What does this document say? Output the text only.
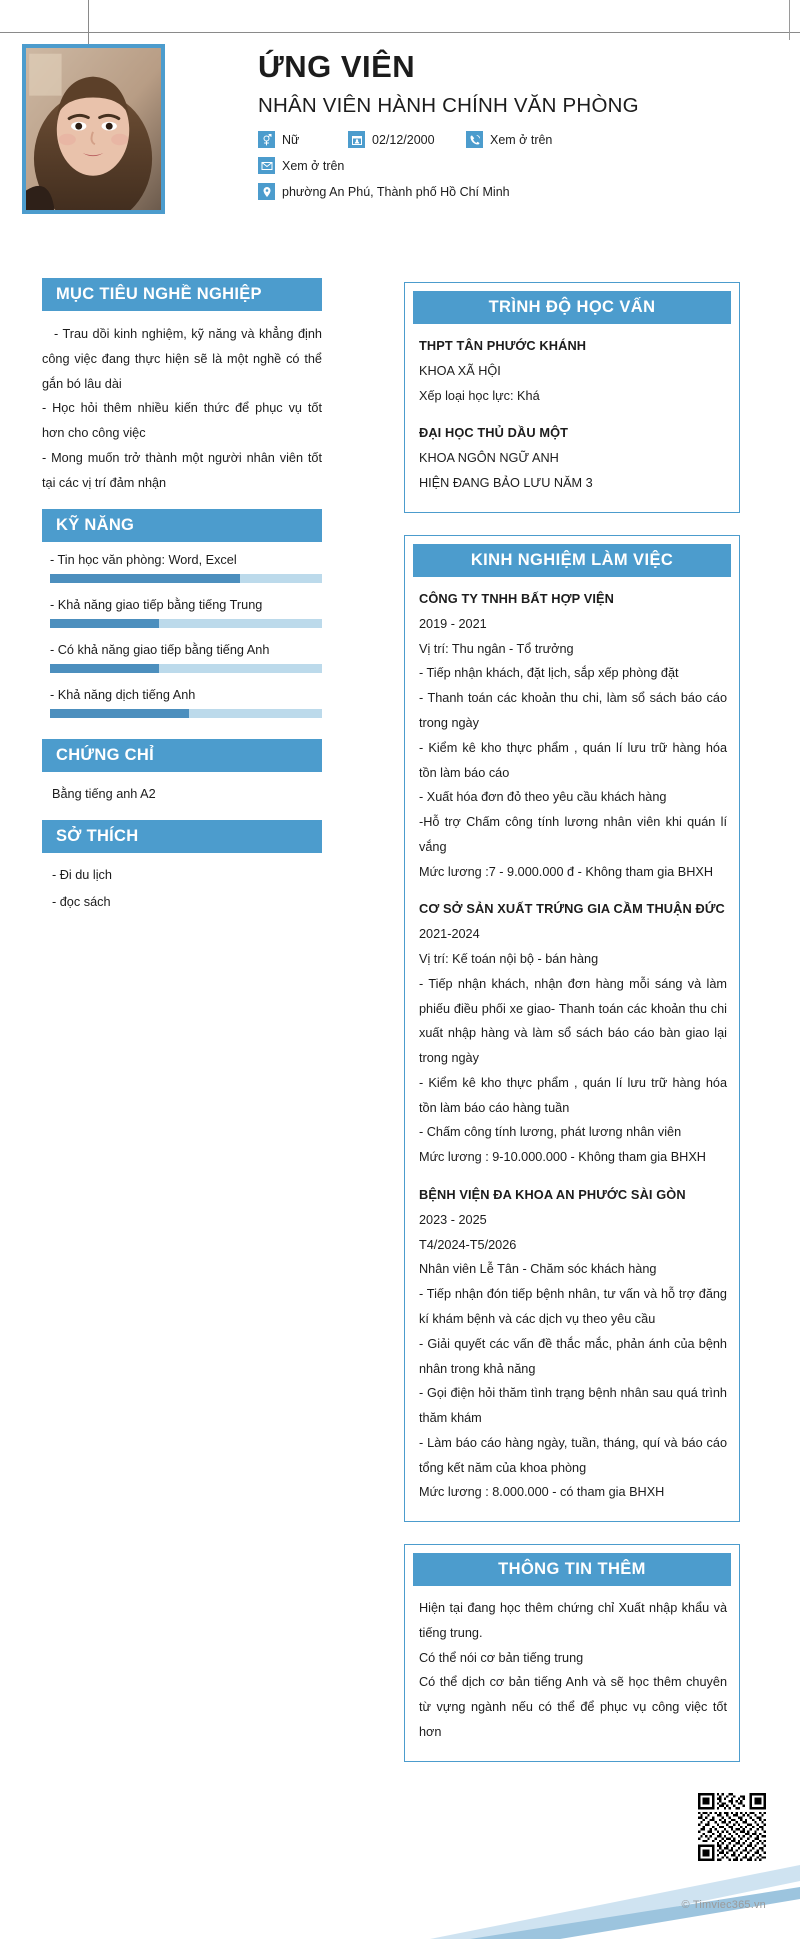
ỨNG VIÊN
NHÂN VIÊN HÀNH CHÍNH VĂN PHÒNG
Nữ	02/12/2000	Xem ở trên
Xem ở trên
phường An Phú, Thành phố Hồ Chí Minh
MỤC TIÊU NGHỀ NGHIỆP

- Trau dồi kinh nghiệm, kỹ năng và khẳng định công việc đang thực hiện sẽ là một nghề có thể gắn bó lâu dài

- Học hỏi thêm nhiều kiến thức để phục vụ tốt hơn cho công việc

- Mong muốn trở thành một người nhân viên tốt tại các vị trí đảm nhận

KỸ NĂNG
- Tin học văn phòng: Word, Excel
- Khả năng giao tiếp bằng tiếng Trung
- Có khả năng giao tiếp bằng tiếng Anh
- Khả năng dịch tiếng Anh
CHỨNG CHỈ
Bằng tiếng anh A2
SỞ THÍCH
- Đi du lịch
- đọc sách
TRÌNH ĐỘ HỌC VẤN
THPT TÂN PHƯỚC KHÁNH
KHOA XÃ HỘI
Xếp loại học lực: Khá
ĐẠI HỌC THỦ DẦU MỘT
KHOA NGÔN NGỮ ANH
HIỆN ĐANG BẢO LƯU NĂM 3
KINH NGHIỆM LÀM VIỆC
CÔNG TY TNHH BẤT HỢP VIỆN
2019 - 2021
Vị trí: Thu ngân - Tổ trưởng
- Tiếp nhận khách, đặt lịch, sắp xếp phòng đặt
- Thanh toán các khoản thu chi, làm sổ sách báo cáo trong ngày
- Kiểm kê kho thực phẩm , quán lí lưu trữ hàng hóa tồn làm báo cáo
- Xuất hóa đơn đỏ theo yêu cầu khách hàng
-Hỗ trợ Chấm công tính lương nhân viên khi quán lí vắng
Mức lương :7 - 9.000.000 đ - Không tham gia BHXH
CƠ SỞ SẢN XUẤT TRỨNG GIA CẦM THUẬN ĐỨC
2021-2024
Vị trí: Kế toán nội bộ - bán hàng
- Tiếp nhận khách, nhận đơn hàng mỗi sáng và làm phiếu điều phối xe giao- Thanh toán các khoản thu chi xuất nhập hàng và làm sổ sách báo cáo bàn giao lại trong ngày
- Kiểm kê kho thực phẩm , quán lí lưu trữ hàng hóa tồn làm báo cáo hàng tuần
- Chấm công tính lương, phát lương nhân viên
Mức lương : 9-10.000.000 - Không tham gia BHXH
BỆNH VIỆN ĐA KHOA AN PHƯỚC SÀI GÒN
2023 - 2025
T4/2024-T5/2026
Nhân viên Lễ Tân - Chăm sóc khách hàng
- Tiếp nhận đón tiếp bệnh nhân, tư vấn và hỗ trợ đăng kí khám bệnh và các dịch vụ theo yêu cầu
- Giải quyết các vấn đề thắc mắc, phản ánh của bệnh nhân trong khả năng
- Gọi điện hỏi thăm tình trạng bệnh nhân sau quá trình thăm khám
- Làm báo cáo hàng ngày, tuần, tháng, quí và báo cáo tổng kết năm của khoa phòng
Mức lương : 8.000.000 - có tham gia BHXH
THÔNG TIN THÊM
Hiện tại đang học thêm chứng chỉ Xuất nhập khẩu và tiếng trung.
Có thể nói cơ bản tiếng trung
Có thể dịch cơ bản tiếng Anh và sẽ học thêm chuyên từ vựng ngành nếu có thể để phục vụ công việc tốt hơn
© Timviec365.vn
